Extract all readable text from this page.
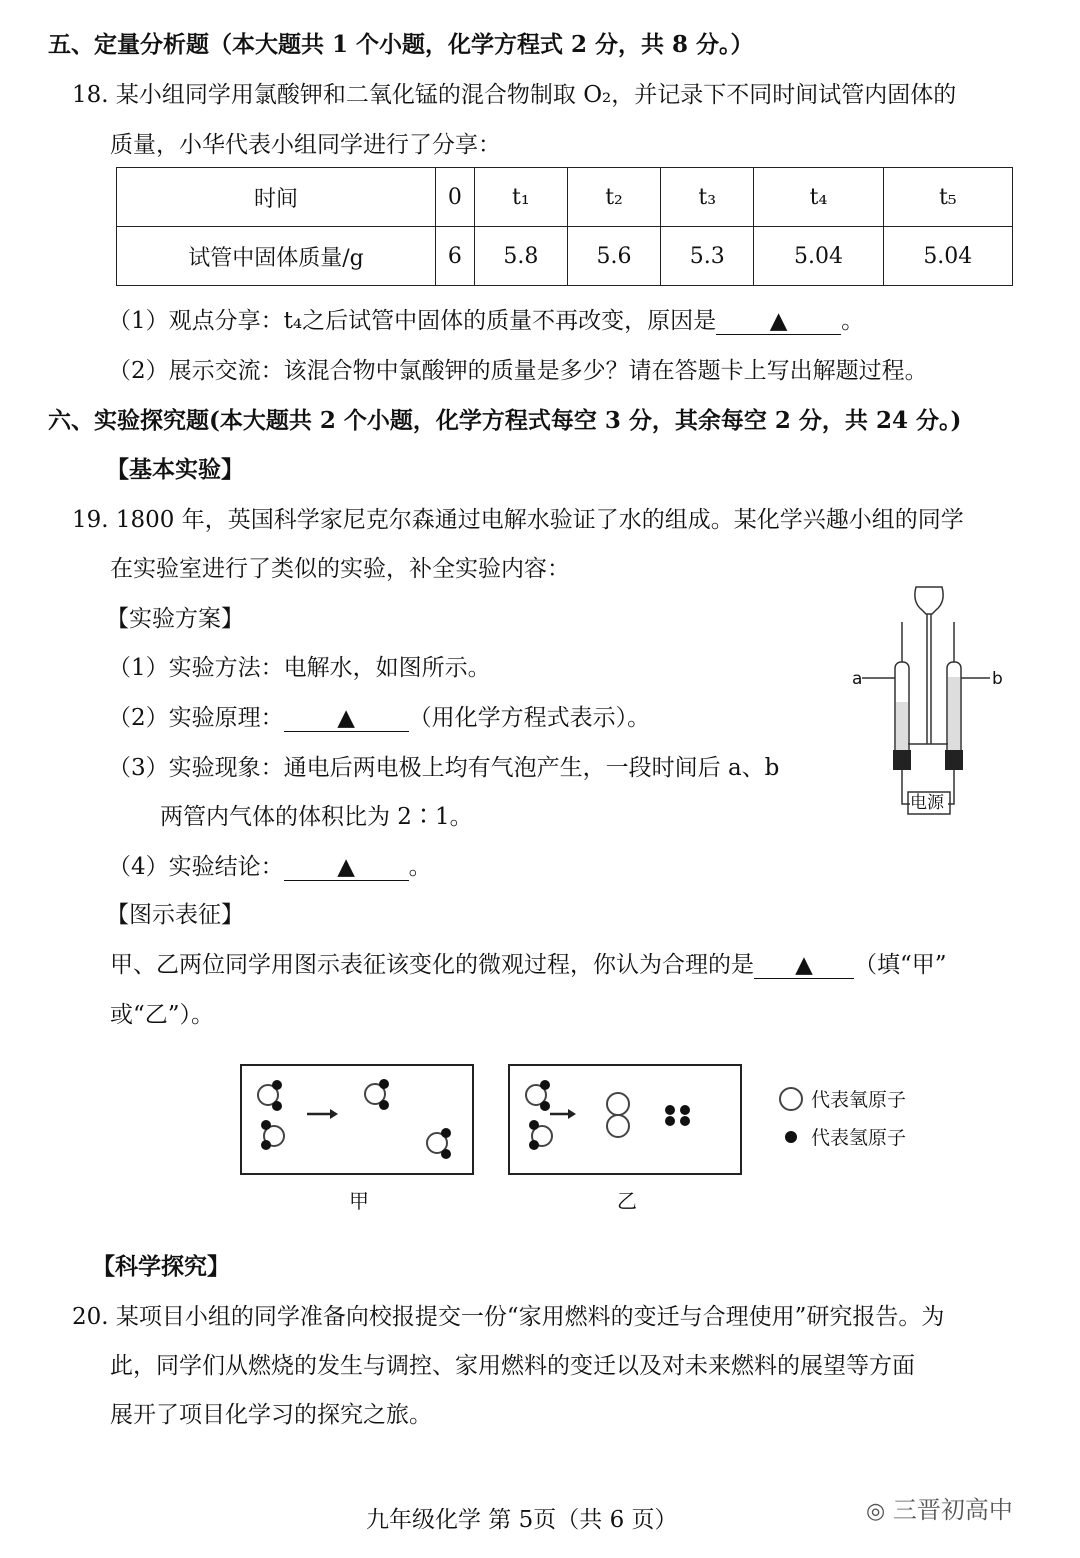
五、定量分析题（本大题共 1 个小题，化学方程式 2 分，共 8 分。）
18. 某小组同学用氯酸钾和二氧化锰的混合物制取 O₂，并记录下不同时间试管内固体的
质量，小华代表小组同学进行了分享：
时间	0	t₁	t₂	t₃	t₄	t₅
试管中固体质量/g	6	5.8	5.6	5.3	5.04	5.04
（1）观点分享：t₄之后试管中固体的质量不再改变，原因是 ▲ 。
（2）展示交流：该混合物中氯酸钾的质量是多少？请在答题卡上写出解题过程。
六、实验探究题(本大题共 2 个小题，化学方程式每空 3 分，其余每空 2 分，共 24 分。)
【基本实验】
19. 1800 年，英国科学家尼克尔森通过电解水验证了水的组成。某化学兴趣小组的同学
在实验室进行了类似的实验，补全实验内容：
【实验方案】
（1）实验方法：电解水，如图所示。
（2）实验原理： ▲ （用化学方程式表示）。
（3）实验现象：通电后两电极上均有气泡产生，一段时间后 a、b
两管内气体的体积比为 2∶1。
（4）实验结论： ▲ 。
a	b
电源
【图示表征】
甲、乙两位同学用图示表征该变化的微观过程，你认为合理的是 ▲ （填“甲”
或“乙”）。
代表氧原子
代表氢原子
甲	乙
【科学探究】
20. 某项目小组的同学准备向校报提交一份“家用燃料的变迁与合理使用”研究报告。为
此，同学们从燃烧的发生与调控、家用燃料的变迁以及对未来燃料的展望等方面
展开了项目化学习的探究之旅。
九年级化学 第 5页（共 6 页）	◎ 三晋初高中
